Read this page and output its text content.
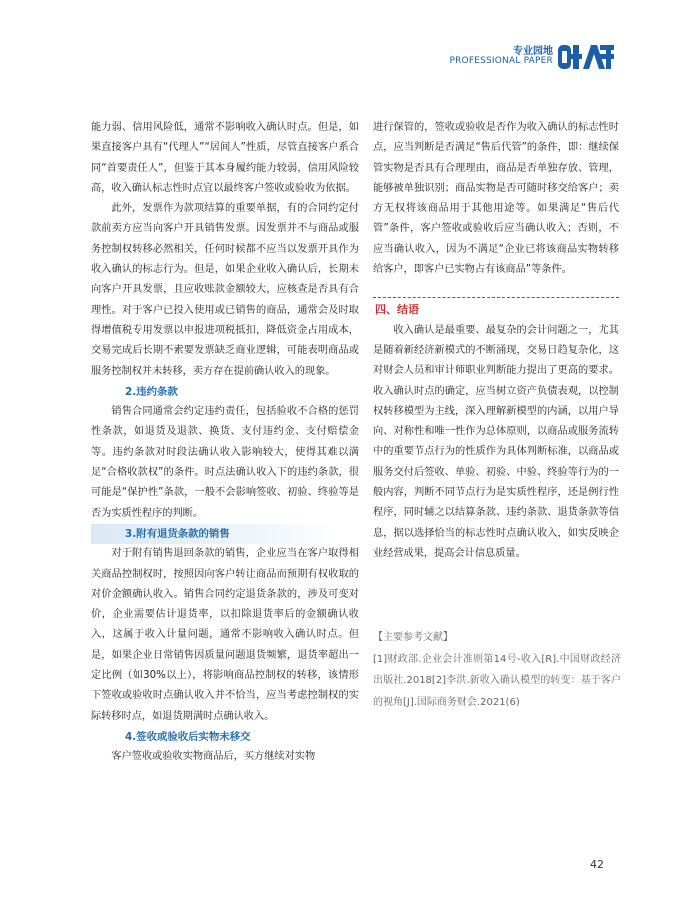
专业园地
PROFESSIONAL PAPER

能力弱、信用风险低，通常不影响收入确认时点。但是，如果直接客户具有“代理人”“居间人”性质，尽管直接客户系合同“首要责任人”，但鉴于其本身履约能力较弱，信用风险较高，收入确认标志性时点宜以最终客户签收或验收为依据。

此外，发票作为款项结算的重要单据，有的合同约定付款前卖方应当向客户开具销售发票。因发票并不与商品或服务控制权转移必然相关，任何时候都不应当以发票开具作为收入确认的标志行为。但是，如果企业收入确认后，长期未向客户开具发票，且应收账款金额较大，应核查是否具有合理性。对于客户已投入使用或已销售的商品，通常会及时取得增值税专用发票以申报进项税抵扣，降低资金占用成本，交易完成后长期不索要发票缺乏商业逻辑，可能表明商品或服务控制权并未转移，卖方存在提前确认收入的现象。

2.违约条款

销售合同通常会约定违约责任，包括验收不合格的惩罚性条款，如退货及退款、换货、支付违约金、支付赔偿金等。违约条款对时段法确认收入影响较大，使得其难以满足“合格收款权”的条件。时点法确认收入下的违约条款，很可能是“保护性”条款，一般不会影响签收、初验、终验等是否为实质性程序的判断。

3.附有退货条款的销售

对于附有销售退回条款的销售，企业应当在客户取得相关商品控制权时，按照因向客户转让商品而预期有权收取的对价金额确认收入。销售合同约定退货条款的，涉及可变对价，企业需要估计退货率，以扣除退货率后的金额确认收入，这属于收入计量问题，通常不影响收入确认时点。但是，如果企业日常销售因质量问题退货频繁，退货率超出一定比例（如30%以上），将影响商品控制权的转移，该情形下签收或验收时点确认收入并不恰当，应当考虑控制权的实际转移时点，如退货期满时点确认收入。

4.签收或验收后实物未移交

客户签收或验收实物商品后，买方继续对实物

进行保管的，签收或验收是否作为收入确认的标志性时点，应当判断是否满足“售后代管”的条件，即：继续保管实物是否具有合理理由，商品是否单独存放、管理，能够被单独识别；商品实物是否可随时移交给客户；卖方无权将该商品用于其他用途等。如果满足“售后代管”条件，客户签收或验收后应当确认收入；否则，不应当确认收入，因为不满足“企业已将该商品实物转移给客户，即客户已实物占有该商品”等条件。

四、结语

收入确认是最重要、最复杂的会计问题之一，尤其是随着新经济新模式的不断涌现，交易日趋复杂化，这对财会人员和审计师职业判断能力提出了更高的要求。收入确认时点的确定，应当树立资产负债表观，以控制权转移模型为主线，深入理解新模型的内涵，以用户导向、对称性和唯一性作为总体原则，以商品或服务流转中的重要节点行为的性质作为具体判断标准，以商品或服务交付后签收、单验、初验、中验、终验等行为的一般内容，判断不同节点行为是实质性程序，还是例行性程序，同时辅之以结算条款、违约条款、退货条款等信息，据以选择恰当的标志性时点确认收入，如实反映企业经营成果，提高会计信息质量。

【主要参考文献】

[1]财政部.企业会计准则第14号-收入[R].中国财政经济出版社.2018[2]李洪.新收入确认模型的转变：基于客户的视角[J].国际商务财会.2021(6)

42
